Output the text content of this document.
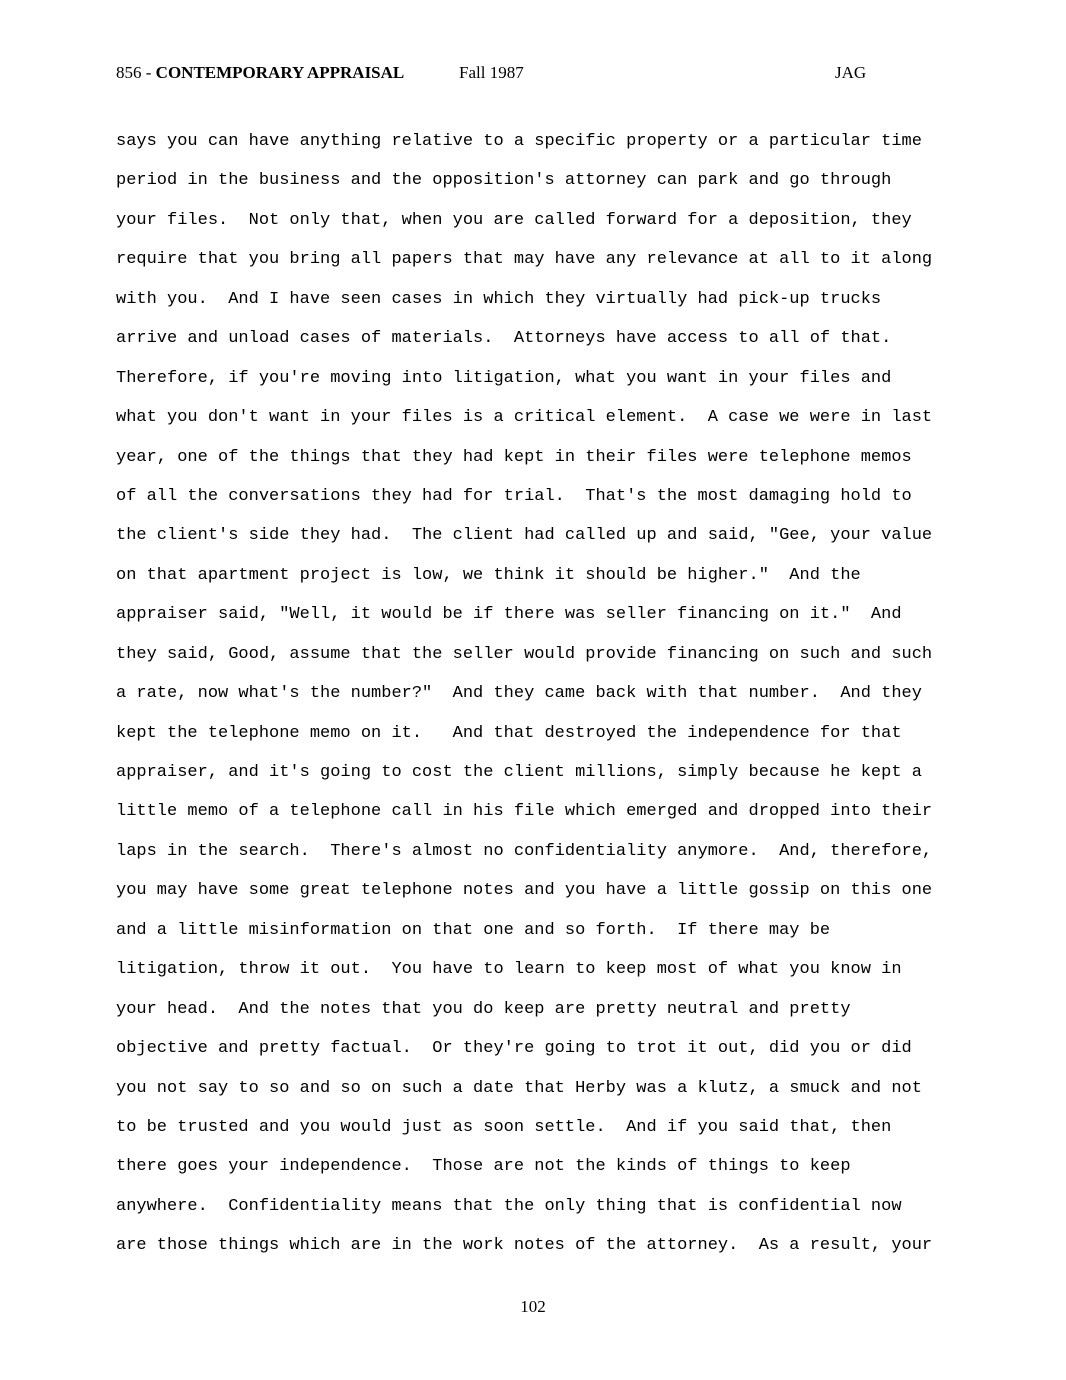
856 - CONTEMPORARY APPRAISAL	Fall 1987	JAG
says you can have anything relative to a specific property or a particular time
period in the business and the opposition's attorney can park and go through
your files.  Not only that, when you are called forward for a deposition, they
require that you bring all papers that may have any relevance at all to it along
with you.  And I have seen cases in which they virtually had pick-up trucks
arrive and unload cases of materials.  Attorneys have access to all of that.
Therefore, if you're moving into litigation, what you want in your files and
what you don't want in your files is a critical element.  A case we were in last
year, one of the things that they had kept in their files were telephone memos
of all the conversations they had for trial.  That's the most damaging hold to
the client's side they had.  The client had called up and said, "Gee, your value
on that apartment project is low, we think it should be higher."  And the
appraiser said, "Well, it would be if there was seller financing on it."  And
they said, Good, assume that the seller would provide financing on such and such
a rate, now what's the number?"  And they came back with that number.  And they
kept the telephone memo on it.   And that destroyed the independence for that
appraiser, and it's going to cost the client millions, simply because he kept a
little memo of a telephone call in his file which emerged and dropped into their
laps in the search.  There's almost no confidentiality anymore.  And, therefore,
you may have some great telephone notes and you have a little gossip on this one
and a little misinformation on that one and so forth.  If there may be
litigation, throw it out.  You have to learn to keep most of what you know in
your head.  And the notes that you do keep are pretty neutral and pretty
objective and pretty factual.  Or they're going to trot it out, did you or did
you not say to so and so on such a date that Herby was a klutz, a smuck and not
to be trusted and you would just as soon settle.  And if you said that, then
there goes your independence.  Those are not the kinds of things to keep
anywhere.  Confidentiality means that the only thing that is confidential now
are those things which are in the work notes of the attorney.  As a result, your
102
